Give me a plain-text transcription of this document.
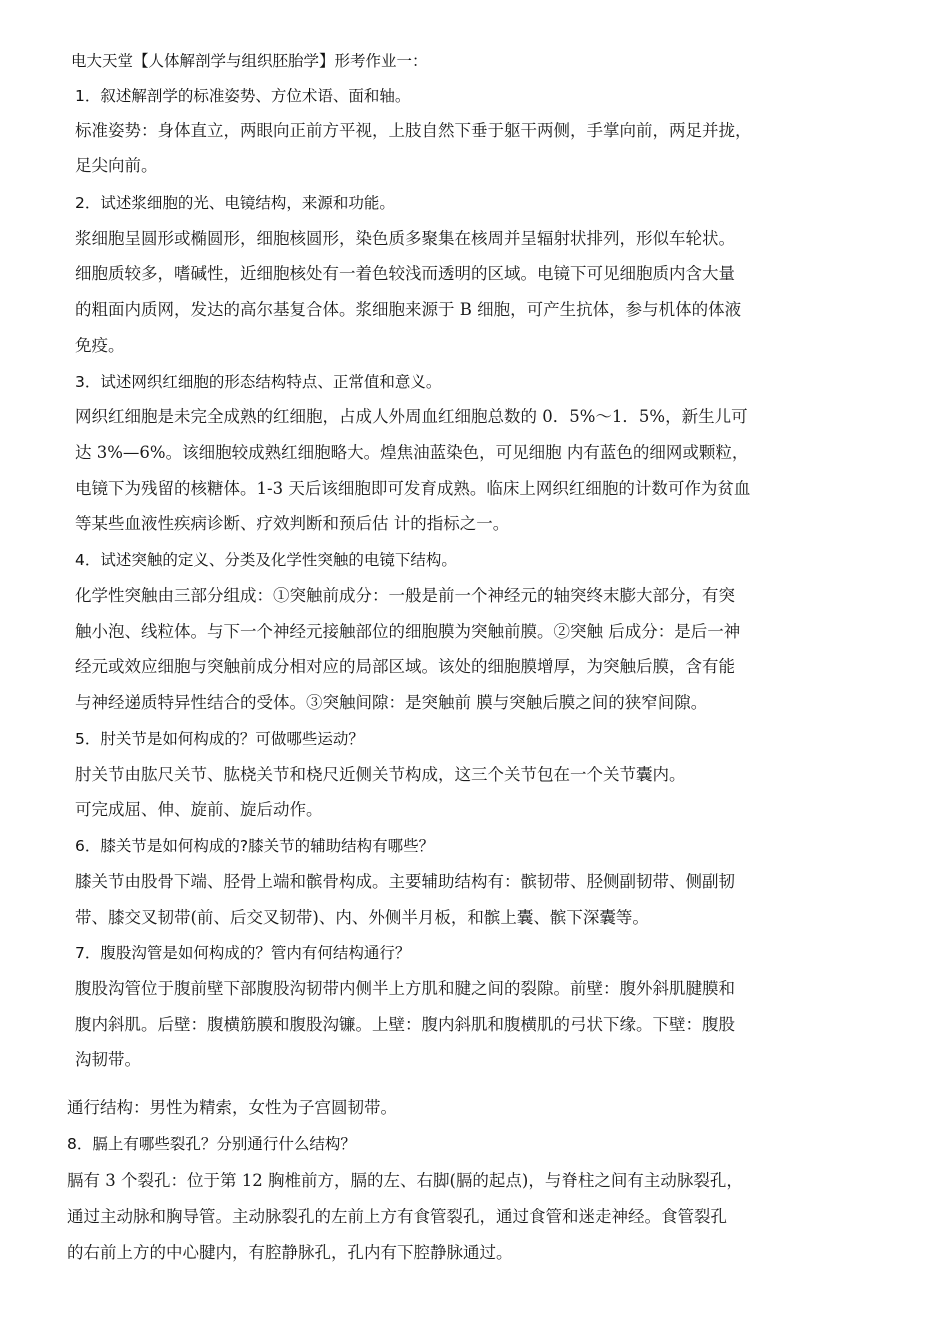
电大天堂【人体解剖学与组织胚胎学】形考作业一：
1．叙述解剖学的标准姿势、方位术语、面和轴。
标准姿势：身体直立，两眼向正前方平视，上肢自然下垂于躯干两侧，手掌向前，两足并拢，
足尖向前。
2．试述浆细胞的光、电镜结构，来源和功能。
浆细胞呈圆形或椭圆形，细胞核圆形，染色质多聚集在核周并呈辐射状排列，形似车轮状。
细胞质较多，嗜碱性，近细胞核处有一着色较浅而透明的区域。电镜下可见细胞质内含大量
的粗面内质网，发达的高尔基复合体。浆细胞来源于 B 细胞，可产生抗体，参与机体的体液
免疫。
3．试述网织红细胞的形态结构特点、正常值和意义。
网织红细胞是未完全成熟的红细胞，占成人外周血红细胞总数的 0．5%～1．5%，新生儿可
达 3%—6%。该细胞较成熟红细胞略大。煌焦油蓝染色，可见细胞 内有蓝色的细网或颗粒，
电镜下为残留的核糖体。1-3 天后该细胞即可发育成熟。临床上网织红细胞的计数可作为贫血
等某些血液性疾病诊断、疗效判断和预后估 计的指标之一。
4．试述突触的定义、分类及化学性突触的电镜下结构。
化学性突触由三部分组成：①突触前成分：一般是前一个神经元的轴突终末膨大部分，有突
触小泡、线粒体。与下一个神经元接触部位的细胞膜为突触前膜。②突触 后成分：是后一神
经元或效应细胞与突触前成分相对应的局部区域。该处的细胞膜增厚，为突触后膜，含有能
与神经递质特异性结合的受体。③突触间隙：是突触前 膜与突触后膜之间的狭窄间隙。
5．肘关节是如何构成的？可做哪些运动？
肘关节由肱尺关节、肱桡关节和桡尺近侧关节构成，这三个关节包在一个关节囊内。
可完成屈、伸、旋前、旋后动作。
6．膝关节是如何构成的?膝关节的辅助结构有哪些？
膝关节由股骨下端、胫骨上端和髌骨构成。主要辅助结构有：髌韧带、胫侧副韧带、侧副韧
带、膝交叉韧带(前、后交叉韧带)、内、外侧半月板，和髌上囊、髌下深囊等。
7．腹股沟管是如何构成的？管内有何结构通行？
腹股沟管位于腹前壁下部腹股沟韧带内侧半上方肌和腱之间的裂隙。前壁：腹外斜肌腱膜和
腹内斜肌。后壁：腹横筋膜和腹股沟镰。上壁：腹内斜肌和腹横肌的弓状下缘。下壁：腹股
沟韧带。
通行结构：男性为精索，女性为子宫圆韧带。
8．膈上有哪些裂孔？分别通行什么结构？
膈有 3 个裂孔：位于第 12 胸椎前方，膈的左、右脚(膈的起点)，与脊柱之间有主动脉裂孔，
通过主动脉和胸导管。主动脉裂孔的左前上方有食管裂孔，通过食管和迷走神经。食管裂孔
的右前上方的中心腱内，有腔静脉孔，孔内有下腔静脉通过。
